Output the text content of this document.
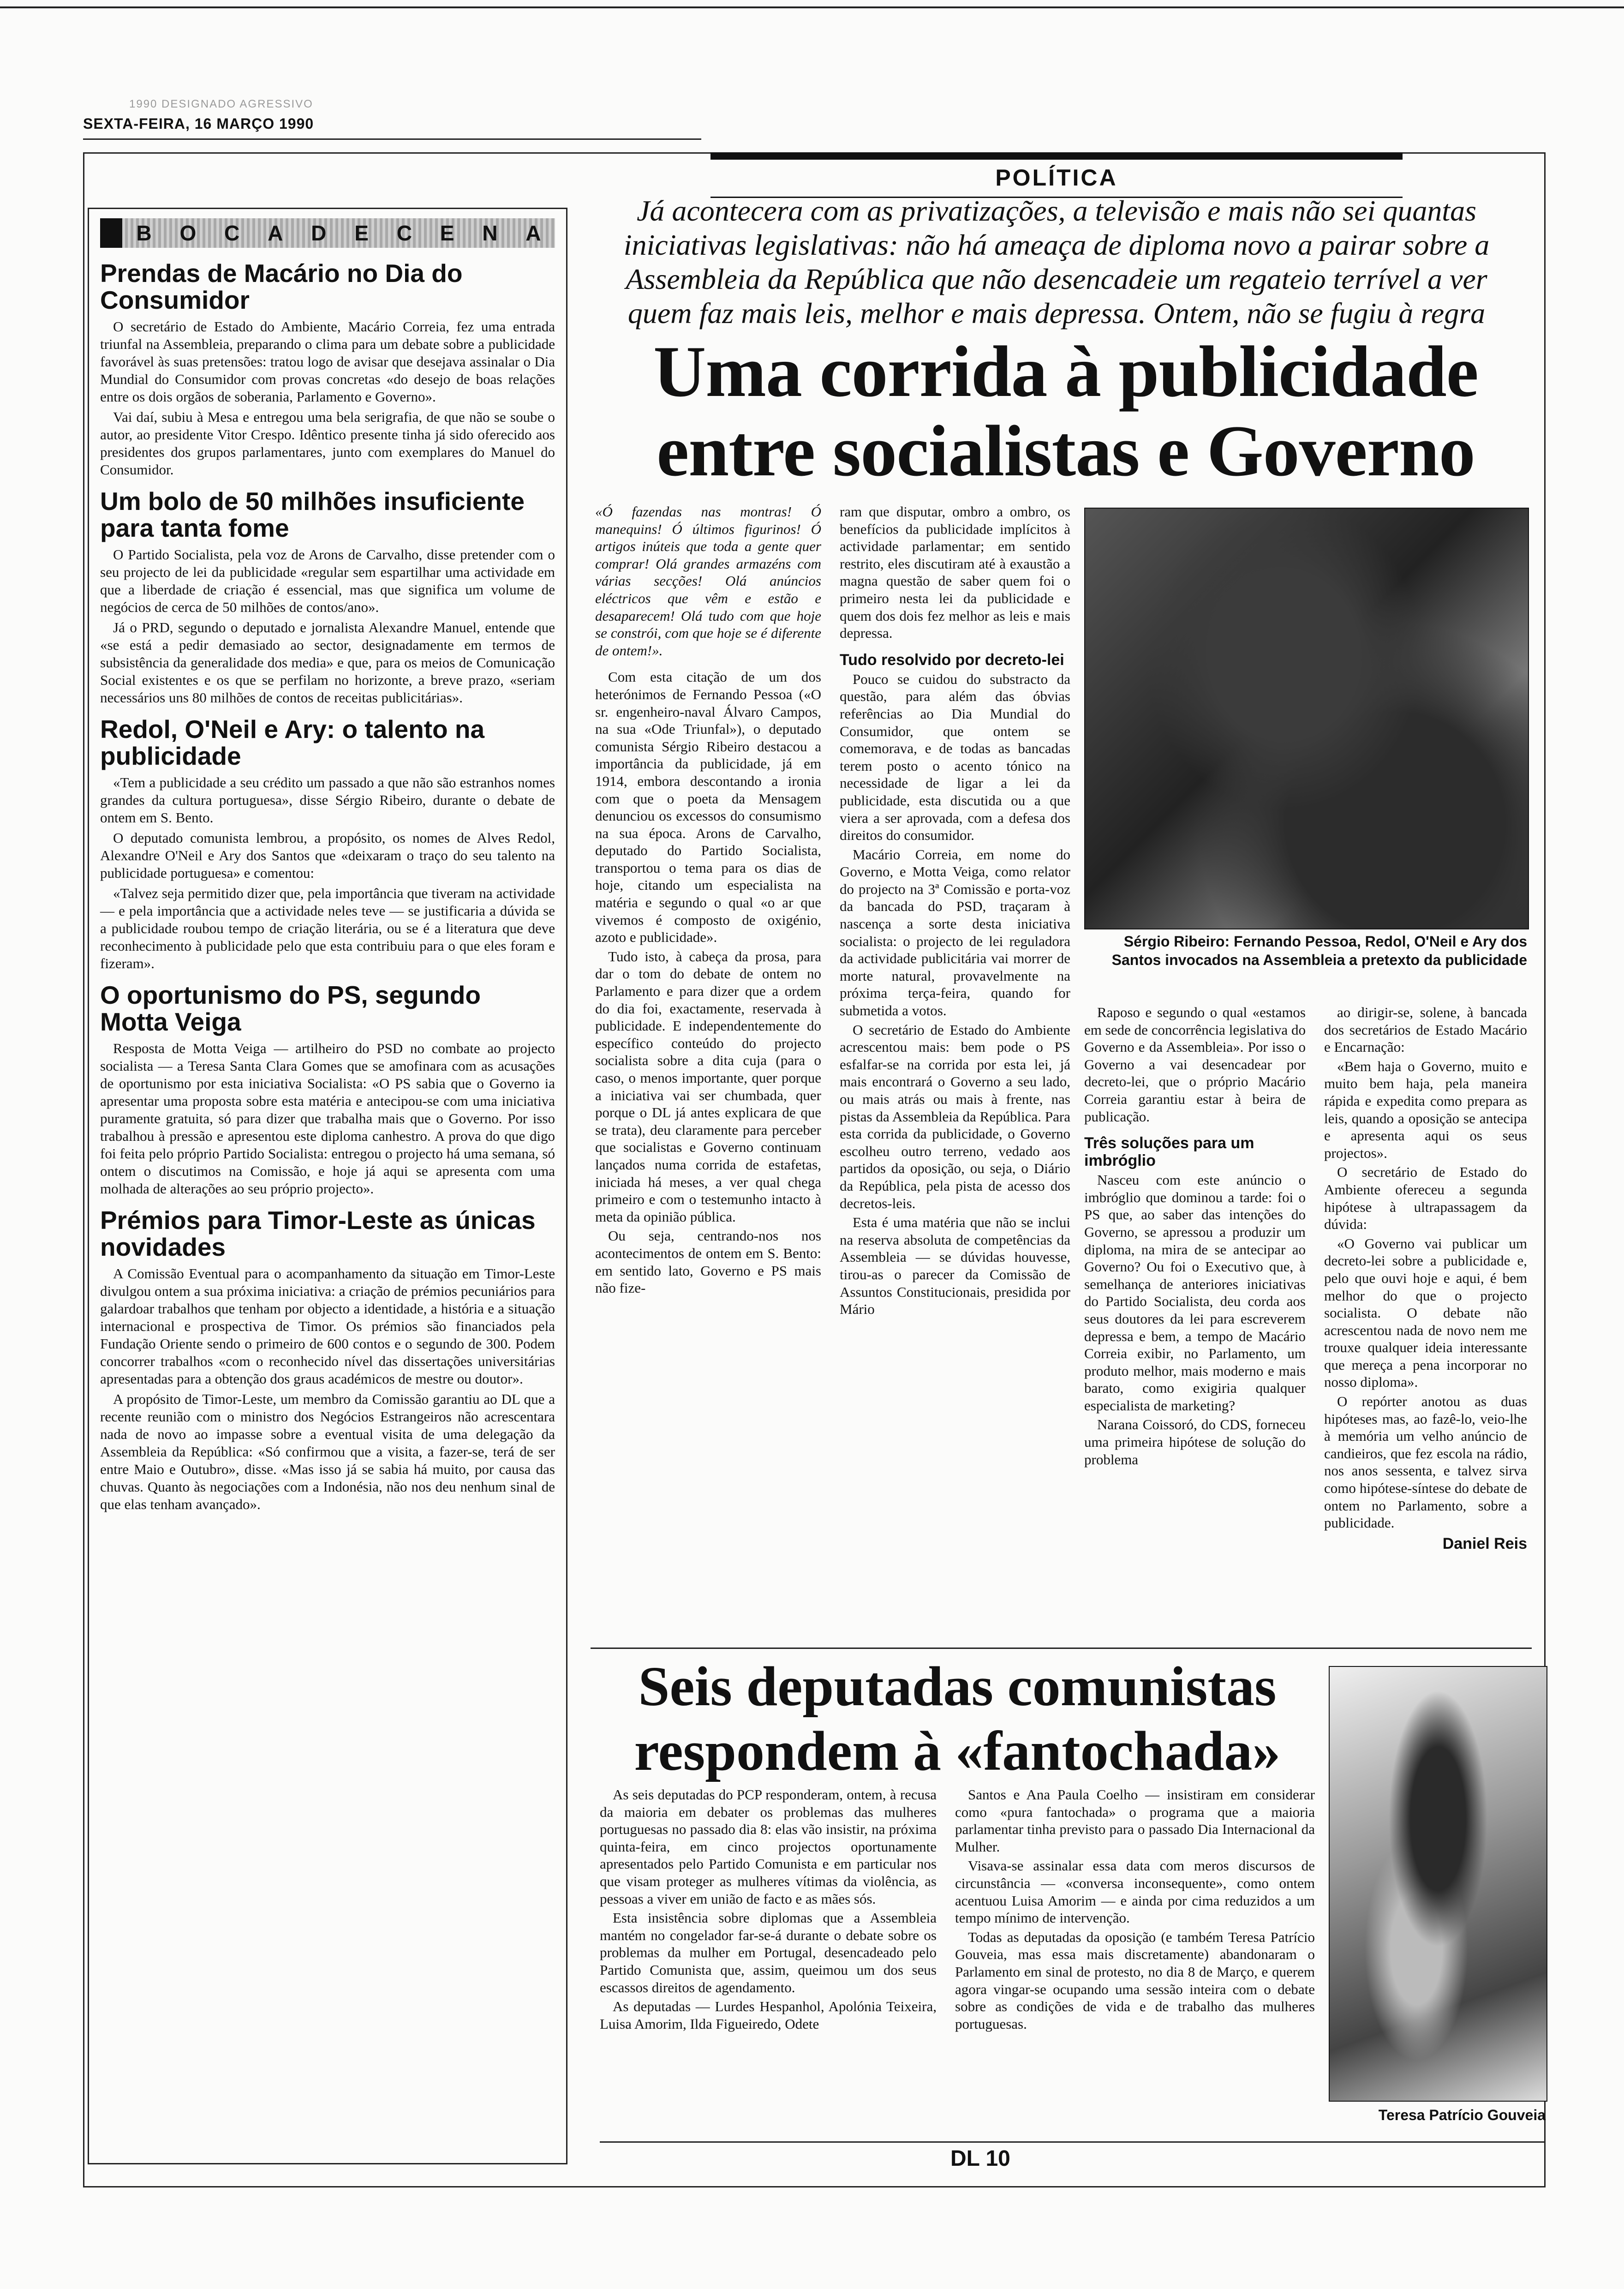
1990 DESIGNADO AGRESSIVO
SEXTA-FEIRA, 16 MARÇO 1990
POLÍTICA
B O C A D E C E N A
Prendas de Macário no Dia do Consumidor

O secretário de Estado do Ambiente, Macário Correia, fez uma entrada triunfal na Assembleia, preparando o clima para um debate sobre a publicidade favorável às suas pretensões: tratou logo de avisar que desejava assinalar o Dia Mundial do Consumidor com provas concretas «do desejo de boas relações entre os dois orgãos de soberania, Parlamento e Governo».

Vai daí, subiu à Mesa e entregou uma bela serigrafia, de que não se soube o autor, ao presidente Vitor Crespo. Idêntico presente tinha já sido oferecido aos presidentes dos grupos parlamentares, junto com exemplares do Manuel do Consumidor.

Um bolo de 50 milhões insuficiente para tanta fome

O Partido Socialista, pela voz de Arons de Carvalho, disse pretender com o seu projecto de lei da publicidade «regular sem espartilhar uma actividade em que a liberdade de criação é essencial, mas que significa um volume de negócios de cerca de 50 milhões de contos/ano».

Já o PRD, segundo o deputado e jornalista Alexandre Manuel, entende que «se está a pedir demasiado ao sector, designadamente em termos de subsistência da generalidade dos media» e que, para os meios de Comunicação Social existentes e os que se perfilam no horizonte, a breve prazo, «seriam necessários uns 80 milhões de contos de receitas publicitárias».

Redol, O'Neil e Ary: o talento na publicidade

«Tem a publicidade a seu crédito um passado a que não são estranhos nomes grandes da cultura portuguesa», disse Sérgio Ribeiro, durante o debate de ontem em S. Bento.

O deputado comunista lembrou, a propósito, os nomes de Alves Redol, Alexandre O'Neil e Ary dos Santos que «deixaram o traço do seu talento na publicidade portuguesa» e comentou:

«Talvez seja permitido dizer que, pela importância que tiveram na actividade — e pela importância que a actividade neles teve — se justificaria a dúvida se a publicidade roubou tempo de criação literária, ou se é a literatura que deve reconhecimento à publicidade pelo que esta contribuiu para o que eles foram e fizeram».

O oportunismo do PS, segundo Motta Veiga

Resposta de Motta Veiga — artilheiro do PSD no combate ao projecto socialista — a Teresa Santa Clara Gomes que se amofinara com as acusações de oportunismo por esta iniciativa Socialista: «O PS sabia que o Governo ia apresentar uma proposta sobre esta matéria e antecipou-se com uma iniciativa puramente gratuita, só para dizer que trabalha mais que o Governo. Por isso trabalhou à pressão e apresentou este diploma canhestro. A prova do que digo foi feita pelo próprio Partido Socialista: entregou o projecto há uma semana, só ontem o discutimos na Comissão, e hoje já aqui se apresenta com uma molhada de alterações ao seu próprio projecto».

Prémios para Timor-Leste as únicas novidades

A Comissão Eventual para o acompanhamento da situação em Timor-Leste divulgou ontem a sua próxima iniciativa: a criação de prémios pecuniários para galardoar trabalhos que tenham por objecto a identidade, a história e a situação internacional e prospectiva de Timor. Os prémios são financiados pela Fundação Oriente sendo o primeiro de 600 contos e o segundo de 300. Podem concorrer trabalhos «com o reconhecido nível das dissertações universitárias apresentadas para a obtenção dos graus académicos de mestre ou doutor».

A propósito de Timor-Leste, um membro da Comissão garantiu ao DL que a recente reunião com o ministro dos Negócios Estrangeiros não acrescentara nada de novo ao impasse sobre a eventual visita de uma delegação da Assembleia da República: «Só confirmou que a visita, a fazer-se, terá de ser entre Maio e Outubro», disse. «Mas isso já se sabia há muito, por causa das chuvas. Quanto às negociações com a Indonésia, não nos deu nenhum sinal de que elas tenham avançado».

Já acontecera com as privatizações, a televisão e mais não sei quantas iniciativas legislativas: não há ameaça de diploma novo a pairar sobre a Assembleia da República que não desencadeie um regateio terrível a ver quem faz mais leis, melhor e mais depressa. Ontem, não se fugiu à regra
Uma corrida à publicidade entre socialistas e Governo

«Ó fazendas nas montras! Ó manequins! Ó últimos figurinos! Ó artigos inúteis que toda a gente quer comprar! Olá grandes armazéns com várias secções! Olá anúncios eléctricos que vêm e estão e desaparecem! Olá tudo com que hoje se constrói, com que hoje se é diferente de ontem!».

Com esta citação de um dos heterónimos de Fernando Pessoa («O sr. engenheiro-naval Álvaro Campos, na sua «Ode Triunfal»), o deputado comunista Sérgio Ribeiro destacou a importância da publicidade, já em 1914, embora descontando a ironia com que o poeta da Mensagem denunciou os excessos do consumismo na sua época. Arons de Carvalho, deputado do Partido Socialista, transportou o tema para os dias de hoje, citando um especialista na matéria e segundo o qual «o ar que vivemos é composto de oxigénio, azoto e publicidade».

Tudo isto, à cabeça da prosa, para dar o tom do debate de ontem no Parlamento e para dizer que a ordem do dia foi, exactamente, reservada à publicidade. E independentemente do específico conteúdo do projecto socialista sobre a dita cuja (para o caso, o menos importante, quer porque a iniciativa vai ser chumbada, quer porque o DL já antes explicara de que se trata), deu claramente para perceber que socialistas e Governo continuam lançados numa corrida de estafetas, iniciada há meses, a ver qual chega primeiro e com o testemunho intacto à meta da opinião pública.

Ou seja, centrando-nos nos acontecimentos de ontem em S. Bento: em sentido lato, Governo e PS mais não fize-

ram que disputar, ombro a ombro, os benefícios da publicidade implícitos à actividade parlamentar; em sentido restrito, eles discutiram até à exaustão a magna questão de saber quem foi o primeiro nesta lei da publicidade e quem dos dois fez melhor as leis e mais depressa.

Tudo resolvido por decreto-lei

Pouco se cuidou do substracto da questão, para além das óbvias referências ao Dia Mundial do Consumidor, que ontem se comemorava, e de todas as bancadas terem posto o acento tónico na necessidade de ligar a lei da publicidade, esta discutida ou a que viera a ser aprovada, com a defesa dos direitos do consumidor.

Macário Correia, em nome do Governo, e Motta Veiga, como relator do projecto na 3ª Comissão e porta-voz da bancada do PSD, traçaram à nascença a sorte desta iniciativa socialista: o projecto de lei reguladora da actividade publicitária vai morrer de morte natural, provavelmente na próxima terça-feira, quando for submetida a votos.

O secretário de Estado do Ambiente acrescentou mais: bem pode o PS esfalfar-se na corrida por esta lei, já mais encontrará o Governo a seu lado, ou mais atrás ou mais à frente, nas pistas da Assembleia da República. Para esta corrida da publicidade, o Governo escolheu outro terreno, vedado aos partidos da oposição, ou seja, o Diário da República, pela pista de acesso dos decretos-leis.

Esta é uma matéria que não se inclui na reserva absoluta de competências da Assembleia — se dúvidas houvesse, tirou-as o parecer da Comissão de Assuntos Constitucionais, presidida por Mário

Sérgio Ribeiro: Fernando Pessoa, Redol, O'Neil e Ary dos Santos invocados na Assembleia a pretexto da publicidade

Raposo e segundo o qual «estamos em sede de concorrência legislativa do Governo e da Assembleia». Por isso o Governo a vai desencadear por decreto-lei, que o próprio Macário Correia garantiu estar à beira de publicação.

Três soluções para um imbróglio

Nasceu com este anúncio o imbróglio que dominou a tarde: foi o PS que, ao saber das intenções do Governo, se apressou a produzir um diploma, na mira de se antecipar ao Governo? Ou foi o Executivo que, à semelhança de anteriores iniciativas do Partido Socialista, deu corda aos seus doutores da lei para escreverem depressa e bem, a tempo de Macário Correia exibir, no Parlamento, um produto melhor, mais moderno e mais barato, como exigiria qualquer especialista de marketing?

Narana Coissoró, do CDS, forneceu uma primeira hipótese de solução do problema

ao dirigir-se, solene, à bancada dos secretários de Estado Macário e Encarnação:

«Bem haja o Governo, muito e muito bem haja, pela maneira rápida e expedita como prepara as leis, quando a oposição se antecipa e apresenta aqui os seus projectos».

O secretário de Estado do Ambiente ofereceu a segunda hipótese à ultrapassagem da dúvida:

«O Governo vai publicar um decreto-lei sobre a publicidade e, pelo que ouvi hoje e aqui, é bem melhor do que o projecto socialista. O debate não acrescentou nada de novo nem me trouxe qualquer ideia interessante que mereça a pena incorporar no nosso diploma».

O repórter anotou as duas hipóteses mas, ao fazê-lo, veio-lhe à memória um velho anúncio de candieiros, que fez escola na rádio, nos anos sessenta, e talvez sirva como hipótese-síntese do debate de ontem no Parlamento, sobre a publicidade.

Daniel Reis
Seis deputadas comunistas respondem à «fantochada»

As seis deputadas do PCP responderam, ontem, à recusa da maioria em debater os problemas das mulheres portuguesas no passado dia 8: elas vão insistir, na próxima quinta-feira, em cinco projectos oportunamente apresentados pelo Partido Comunista e em particular nos que visam proteger as mulheres vítimas da violência, as pessoas a viver em união de facto e as mães sós.

Esta insistência sobre diplomas que a Assembleia mantém no congelador far-se-á durante o debate sobre os problemas da mulher em Portugal, desencadeado pelo Partido Comunista que, assim, queimou um dos seus escassos direitos de agendamento.

As deputadas — Lurdes Hespanhol, Apolónia Teixeira, Luisa Amorim, Ilda Figueiredo, Odete

Santos e Ana Paula Coelho — insistiram em considerar como «pura fantochada» o programa que a maioria parlamentar tinha previsto para o passado Dia Internacional da Mulher.

Visava-se assinalar essa data com meros discursos de circunstância — «conversa inconsequente», como ontem acentuou Luisa Amorim — e ainda por cima reduzidos a um tempo mínimo de intervenção.

Todas as deputadas da oposição (e também Teresa Patrício Gouveia, mas essa mais discretamente) abandonaram o Parlamento em sinal de protesto, no dia 8 de Março, e querem agora vingar-se ocupando uma sessão inteira com o debate sobre as condições de vida e de trabalho das mulheres portuguesas.

Teresa Patrício Gouveia
DL 10
